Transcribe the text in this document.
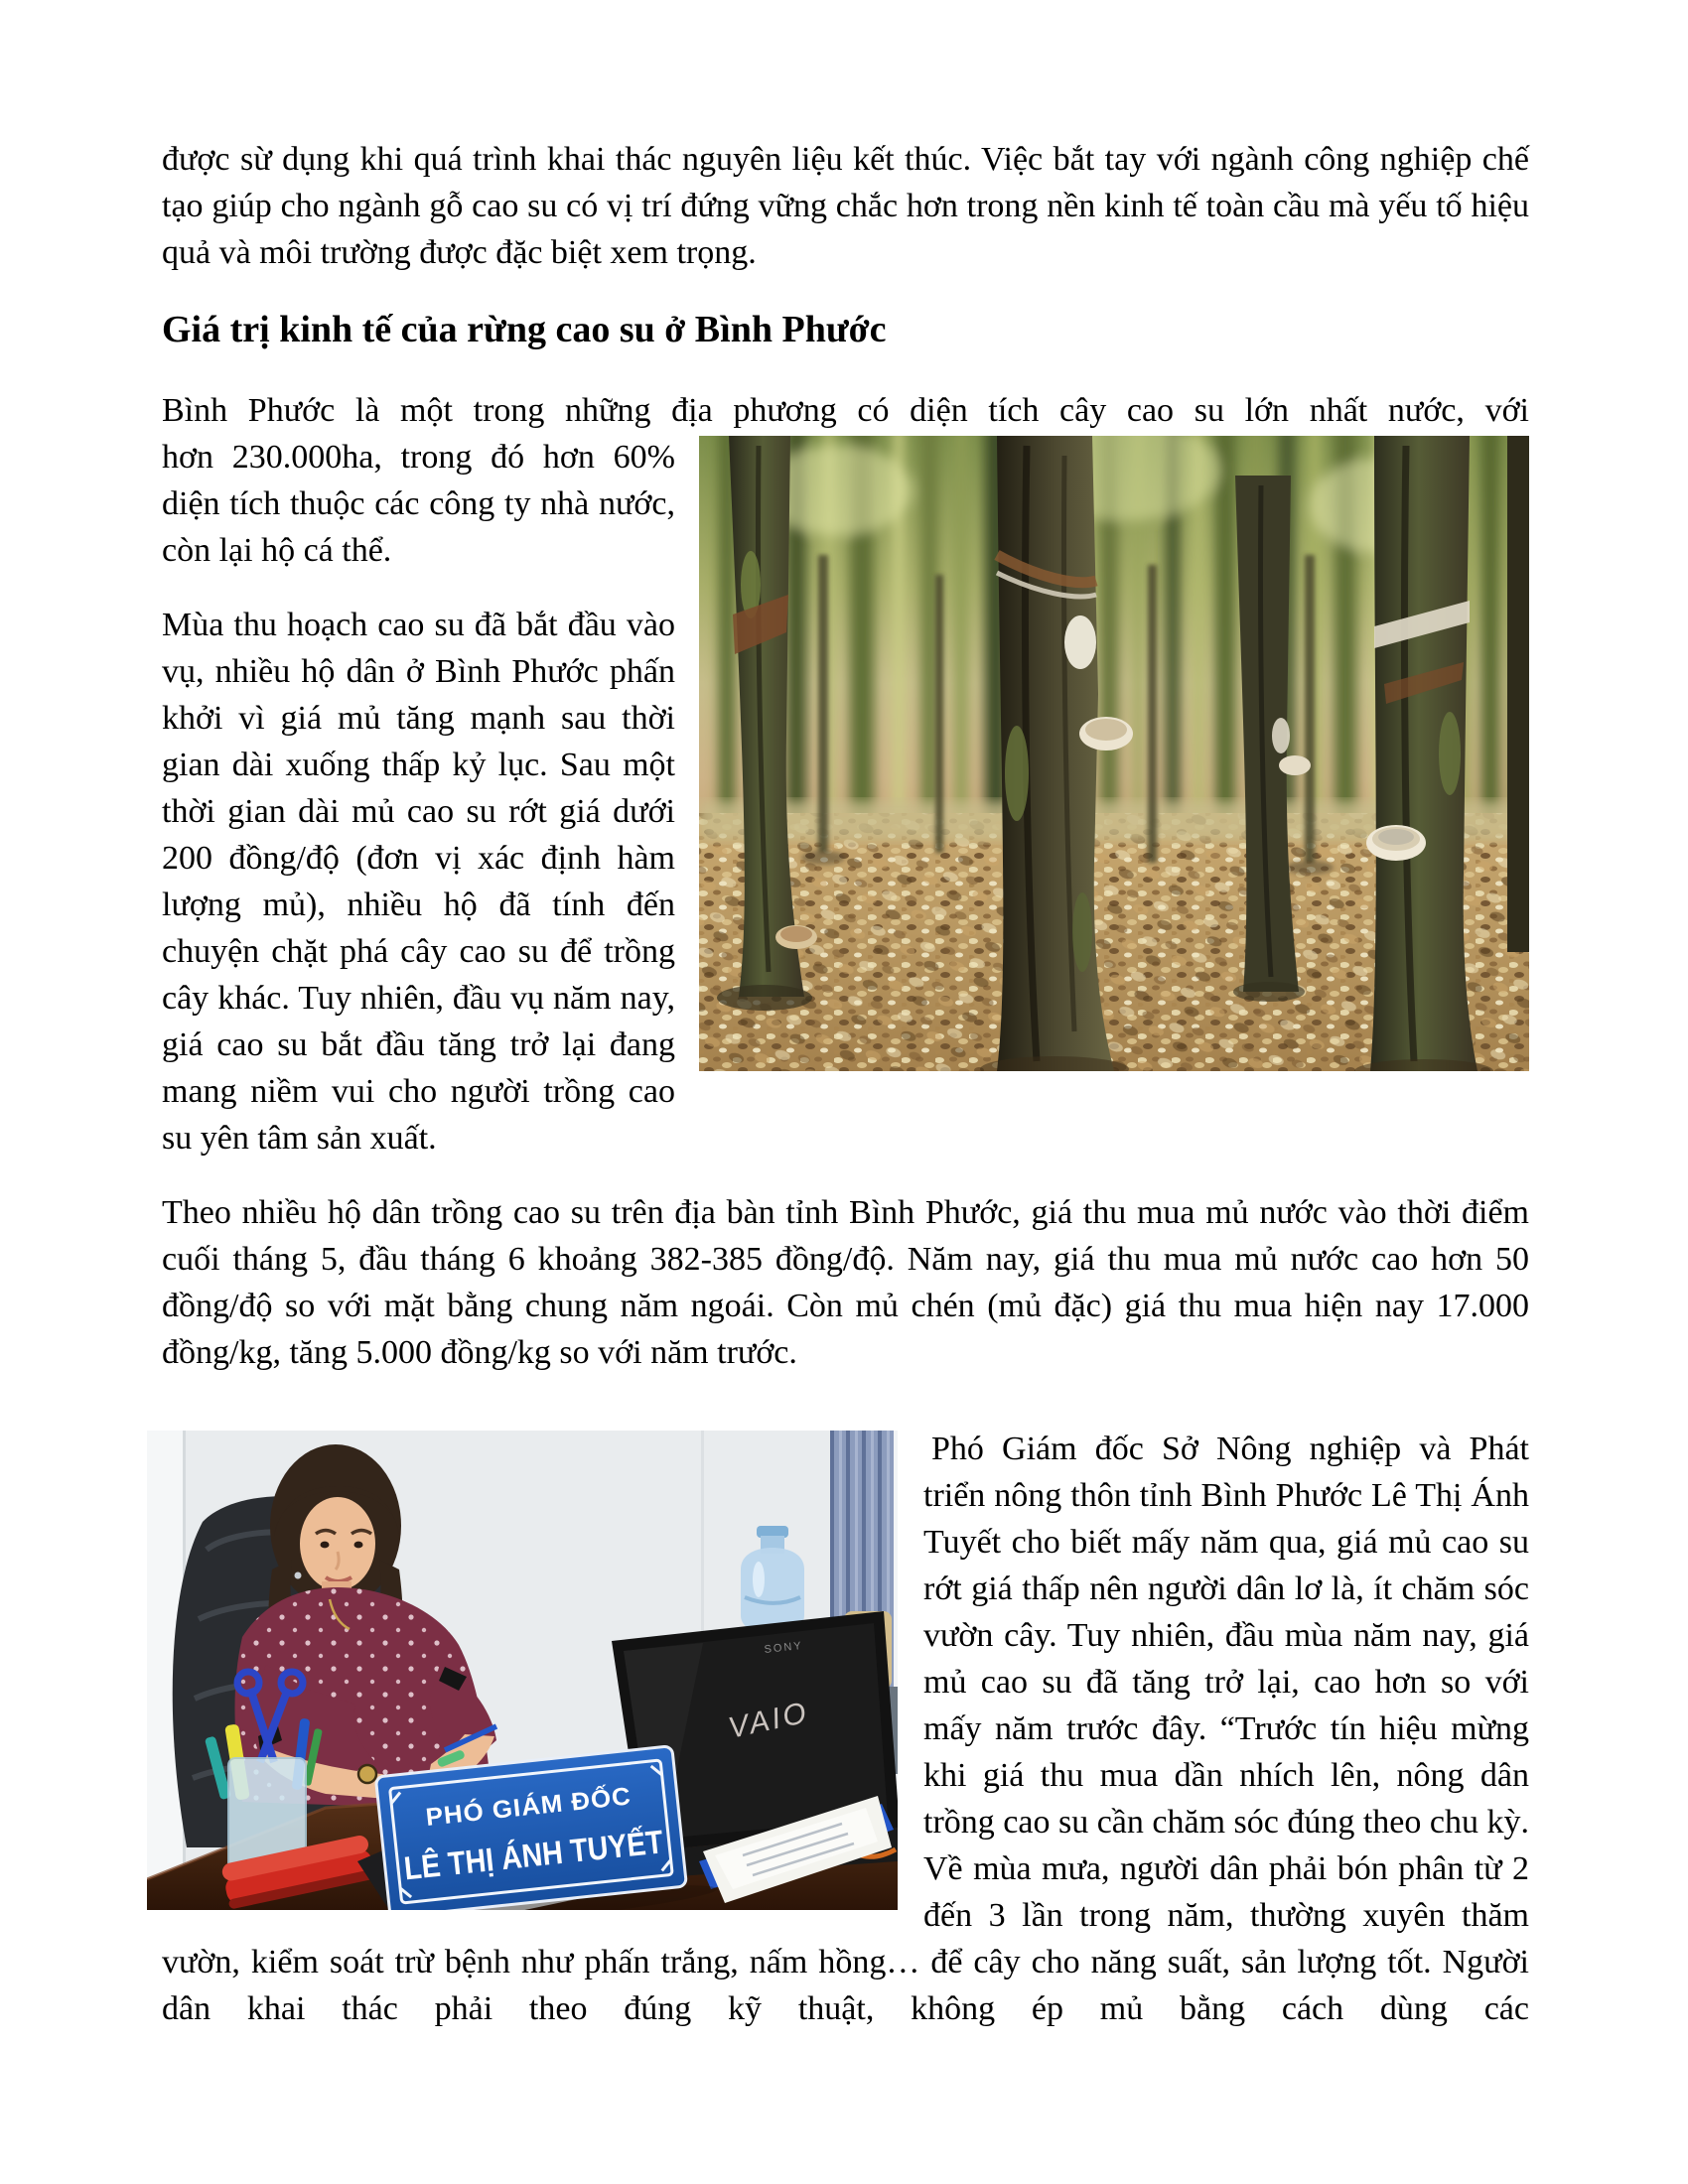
được sừ dụng khi quá trình khai thác nguyên liệu kết thúc. Việc bắt tay với ngành công nghiệp chế tạo giúp cho ngành gỗ cao su có vị trí đứng vững chắc hơn trong nền kinh tế toàn cầu mà yếu tố hiệu quả và môi trường được đặc biệt xem trọng.

Giá trị kinh tế của rừng cao su ở Bình Phước

Bình Phước là một trong những địa phương có diện tích cây cao su lớn nhất nước, với

hơn 230.000ha, trong đó hơn 60% diện tích thuộc các công ty nhà nước, còn lại hộ cá thể.

Mùa thu hoạch cao su đã bắt đầu vào vụ, nhiều hộ dân ở Bình Phước phấn khởi vì giá mủ tăng mạnh sau thời gian dài xuống thấp kỷ lục. Sau một thời gian dài mủ cao su rớt giá dưới 200 đồng/độ (đơn vị xác định hàm lượng mủ), nhiều hộ đã tính đến chuyện chặt phá cây cao su để trồng cây khác. Tuy nhiên, đầu vụ năm nay, giá cao su bắt đầu tăng trở lại đang mang niềm vui cho người trồng cao su yên tâm sản xuất.

Theo nhiều hộ dân trồng cao su trên địa bàn tỉnh Bình Phước, giá thu mua mủ nước vào thời điểm cuối tháng 5, đầu tháng 6 khoảng 382-385 đồng/độ. Năm nay, giá thu mua mủ nước cao hơn 50 đồng/độ so với mặt bằng chung năm ngoái. Còn mủ chén (mủ đặc) giá thu mua hiện nay 17.000 đồng/kg, tăng 5.000 đồng/kg so với năm trước.

SONY
VAIO
PHÓ GIÁM ĐỐC
LÊ THỊ ÁNH TUYẾT

Phó Giám đốc Sở Nông nghiệp và Phát triển nông thôn tỉnh Bình Phước Lê Thị Ánh Tuyết cho biết mấy năm qua, giá mủ cao su rớt giá thấp nên người dân lơ là, ít chăm sóc vườn cây. Tuy nhiên, đầu mùa năm nay, giá mủ cao su đã tăng trở lại, cao hơn so với mấy năm trước đây. “Trước tín hiệu mừng khi giá thu mua dần nhích lên, nông dân trồng cao su cần chăm sóc đúng theo chu kỳ. Về mùa mưa, người dân phải bón phân từ 2 đến 3 lần trong năm, thường xuyên thăm vườn, kiểm soát trừ bệnh như phấn trắng, nấm hồng… để cây cho năng suất, sản lượng tốt. Người dân khai thác phải theo đúng kỹ thuật, không ép mủ bằng cách dùng các
